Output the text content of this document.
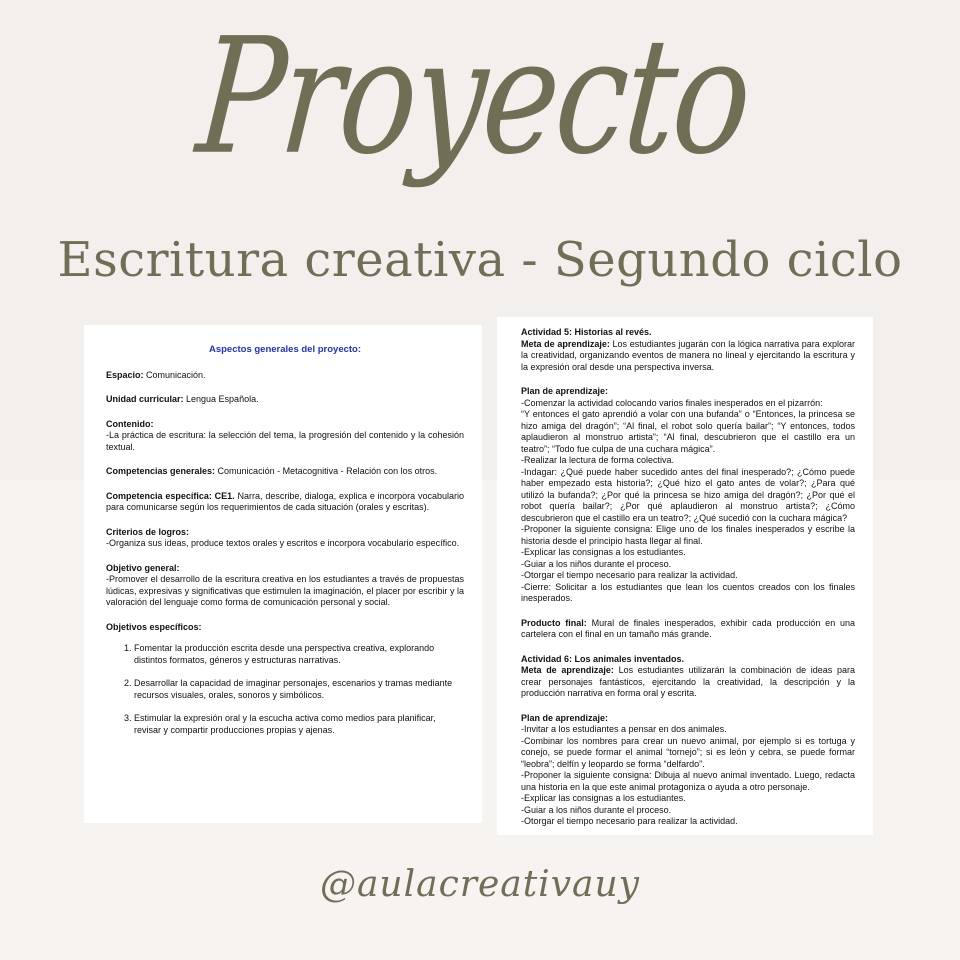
Proyecto
Escritura creativa - Segundo ciclo

Aspectos generales del proyecto:

Espacio: Comunicación.

Unidad curricular: Lengua Española.

Contenido:

-La práctica de escritura: la selección del tema, la progresión del contenido y la cohesión textual.

Competencias generales: Comunicación - Metacognitiva - Relación con los otros.

Competencia específica: CE1. Narra, describe, dialoga, explica e incorpora vocabulario para comunicarse según los requerimientos de cada situación (orales y escritas).

Criterios de logros:

-Organiza sus ideas, produce textos orales y escritos e incorpora vocabulario específico.

Objetivo general:

-Promover el desarrollo de la escritura creativa en los estudiantes a través de propuestas lúdicas, expresivas y significativas que estimulen la imaginación, el placer por escribir y la valoración del lenguaje como forma de comunicación personal y social.

Objetivos específicos:

1. Fomentar la producción escrita desde una perspectiva creativa, explorando distintos formatos, géneros y estructuras narrativas.
2. Desarrollar la capacidad de imaginar personajes, escenarios y tramas mediante recursos visuales, orales, sonoros y simbólicos.
3. Estimular la expresión oral y la escucha activa como medios para planificar, revisar y compartir producciones propias y ajenas.

Actividad 5: Historias al revés.

Meta de aprendizaje: Los estudiantes jugarán con la lógica narrativa para explorar la creatividad, organizando eventos de manera no lineal y ejercitando la escritura y la expresión oral desde una perspectiva inversa.

Plan de aprendizaje:

-Comenzar la actividad colocando varios finales inesperados en el pizarrón:

“Y entonces el gato aprendió a volar con una bufanda” o “Entonces, la princesa se hizo amiga del dragón”; “Al final, el robot solo quería bailar”; “Y entonces, todos aplaudieron al monstruo artista”; “Al final, descubrieron que el castillo era un teatro”; “Todo fue culpa de una cuchara mágica”.

-Realizar la lectura de forma colectiva.

-Indagar: ¿Qué puede haber sucedido antes del final inesperado?; ¿Cómo puede haber empezado esta historia?; ¿Qué hizo el gato antes de volar?; ¿Para qué utilizó la bufanda?; ¿Por qué la princesa se hizo amiga del dragón?; ¿Por qué el robot quería bailar?; ¿Por qué aplaudieron al monstruo artista?; ¿Cómo descubrieron que el castillo era un teatro?; ¿Qué sucedió con la cuchara mágica?

-Proponer la siguiente consigna: Elige uno de los finales inesperados y escribe la historia desde el principio hasta llegar al final.

-Explicar las consignas a los estudiantes.

-Guiar a los niños durante el proceso.

-Otorgar el tiempo necesario para realizar la actividad.

-Cierre: Solicitar a los estudiantes que lean los cuentos creados con los finales inesperados.

Producto final: Mural de finales inesperados, exhibir cada producción en una cartelera con el final en un tamaño más grande.

Actividad 6: Los animales inventados.

Meta de aprendizaje: Los estudiantes utilizarán la combinación de ideas para crear personajes fantásticos, ejercitando la creatividad, la descripción y la producción narrativa en forma oral y escrita.

Plan de aprendizaje:

-Invitar a los estudiantes a pensar en dos animales.

-Combinar los nombres para crear un nuevo animal, por ejemplo si es tortuga y conejo, se puede formar el animal “tornejo”; si es león y cebra, se puede formar “leobra”; delfín y leopardo se forma “delfardo”.

-Proponer la siguiente consigna: Dibuja al nuevo animal inventado. Luego, redacta una historia en la que este animal protagoniza o ayuda a otro personaje.

-Explicar las consignas a los estudiantes.

-Guiar a los niños durante el proceso.

-Otorgar el tiempo necesario para realizar la actividad.

@aulacreativauy
